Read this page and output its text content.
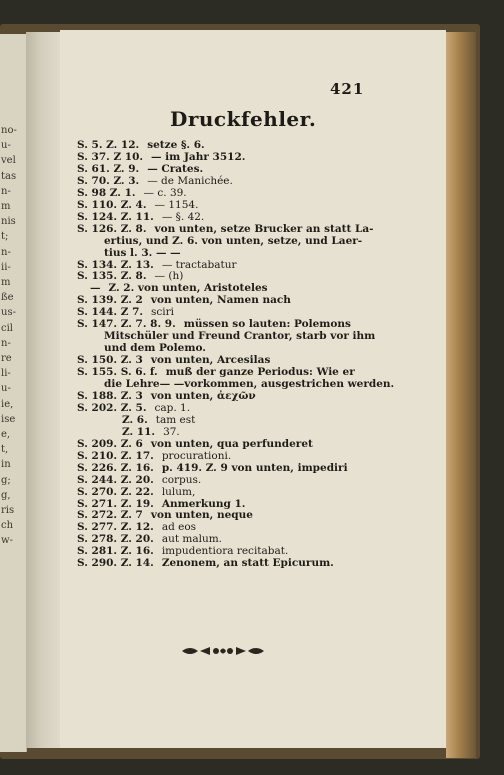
no-
u-
vel
tas
n-
m
nis
t;
n-
ii-
m
ße
us-
cil
n-
re
li-
u-
ie,
ise
e,
t,
in
g;
g,
ris
ch
w-
421
Druckfehler.
S. 5. Z. 12. setze §. 6.
S. 37. Z 10. — im Jahr 3512.
S. 61. Z. 9. — Crates.
S. 70. Z. 3. — de Manichée.
S. 98 Z. 1. — c. 39.
S. 110. Z. 4. — 1154.
S. 124. Z. 11. — §. 42.
S. 126. Z. 8. von unten, setze Brucker an statt La-
ertius, und Z. 6. von unten, setze, und Laer-
tius l. 3. — —
S. 134. Z. 13. — tractabatur
S. 135. Z. 8. — (h)
— Z. 2. von unten, Aristoteles
S. 139. Z. 2 von unten, Namen nach
S. 144. Z 7. sciri
S. 147. Z. 7. 8. 9. müssen so lauten: Polemons
Mitschüler und Freund Crantor, starb vor ihm
und dem Polemo.
S. 150. Z. 3 von unten, Arcesilas
S. 155. S. 6. f. muß der ganze Periodus: Wie er
die Lehre— —vorkommen, ausgestrichen werden.
S. 188. Z. 3 von unten, ἀεχῶν
S. 202. Z. 5. cap. 1.
Z. 6. tam est
Z. 11. 37.
S. 209. Z. 6 von unten, qua perfunderet
S. 210. Z. 17. procurationi.
S. 226. Z. 16. p. 419. Z. 9 von unten, impediri
S. 244. Z. 20. corpus.
S. 270. Z. 22. lulum,
S. 271. Z. 19. Anmerkung 1.
S. 272. Z. 7 von unten, neque
S. 277. Z. 12. ad eos
S. 278. Z. 20. aut malum.
S. 281. Z. 16. impudentiora recitabat.
S. 290. Z. 14. Zenonem, an statt Epicurum.
